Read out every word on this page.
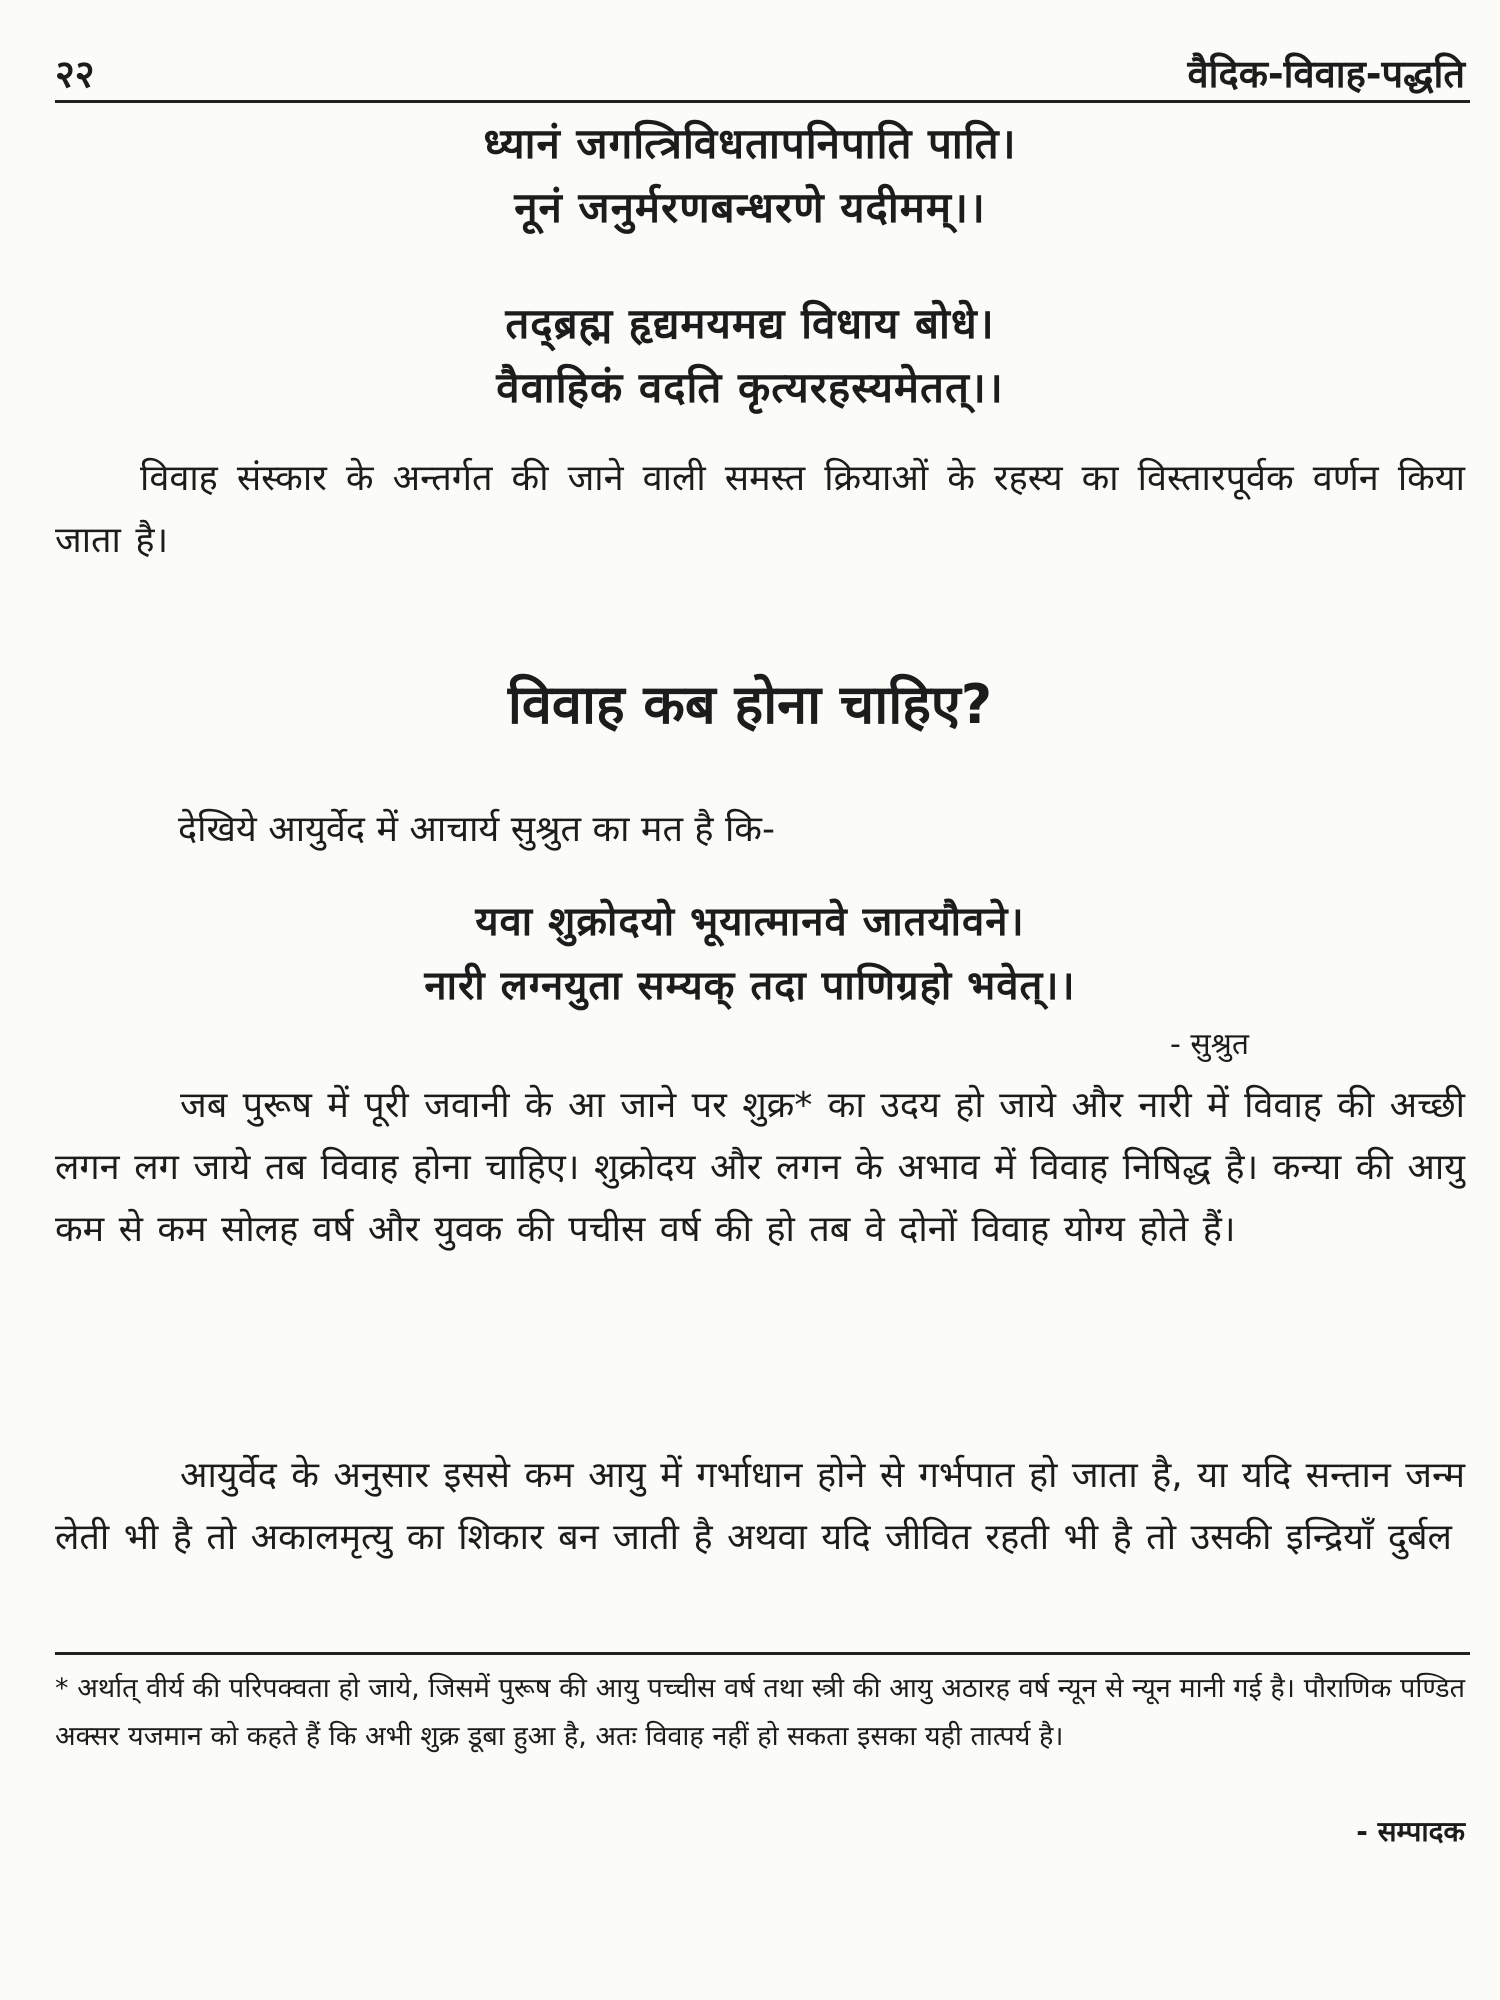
२२	वैदिक-विवाह-पद्धति
ध्यानं जगत्त्रिविधतापनिपाति पाति।
नूनं जनुर्मरणबन्धरणे यदीमम्।।
तद्ब्रह्म हृद्यमयमद्य विधाय बोधे।
वैवाहिकं वदति कृत्यरहस्यमेतत्।।
विवाह संस्कार के अन्तर्गत की जाने वाली समस्त क्रियाओं के रहस्य का विस्तारपूर्वक वर्णन किया जाता है।
विवाह कब होना चाहिए?
देखिये आयुर्वेद में आचार्य सुश्रुत का मत है कि-
यवा शुक्रोदयो भूयात्मानवे जातयौवने।
नारी लग्नयुता सम्यक् तदा पाणिग्रहो भवेत्।।
- सुश्रुत
जब पुरूष में पूरी जवानी के आ जाने पर शुक्र* का उदय हो जाये और नारी में विवाह की अच्छी लगन लग जाये तब विवाह होना चाहिए। शुक्रोदय और लगन के अभाव में विवाह निषिद्ध है। कन्या की आयु कम से कम सोलह वर्ष और युवक की पचीस वर्ष की हो तब वे दोनों विवाह योग्य होते हैं।
आयुर्वेद के अनुसार इससे कम आयु में गर्भाधान होने से गर्भपात हो जाता है, या यदि सन्तान जन्म लेती भी है तो अकालमृत्यु का शिकार बन जाती है अथवा यदि जीवित रहती भी है तो उसकी इन्द्रियाँ दुर्बल
* अर्थात् वीर्य की परिपक्वता हो जाये, जिसमें पुरूष की आयु पच्चीस वर्ष तथा स्त्री की आयु अठारह वर्ष न्यून से न्यून मानी गई है। पौराणिक पण्डित अक्सर यजमान को कहते हैं कि अभी शुक्र डूबा हुआ है, अतः विवाह नहीं हो सकता इसका यही तात्पर्य है।
- सम्पादक
